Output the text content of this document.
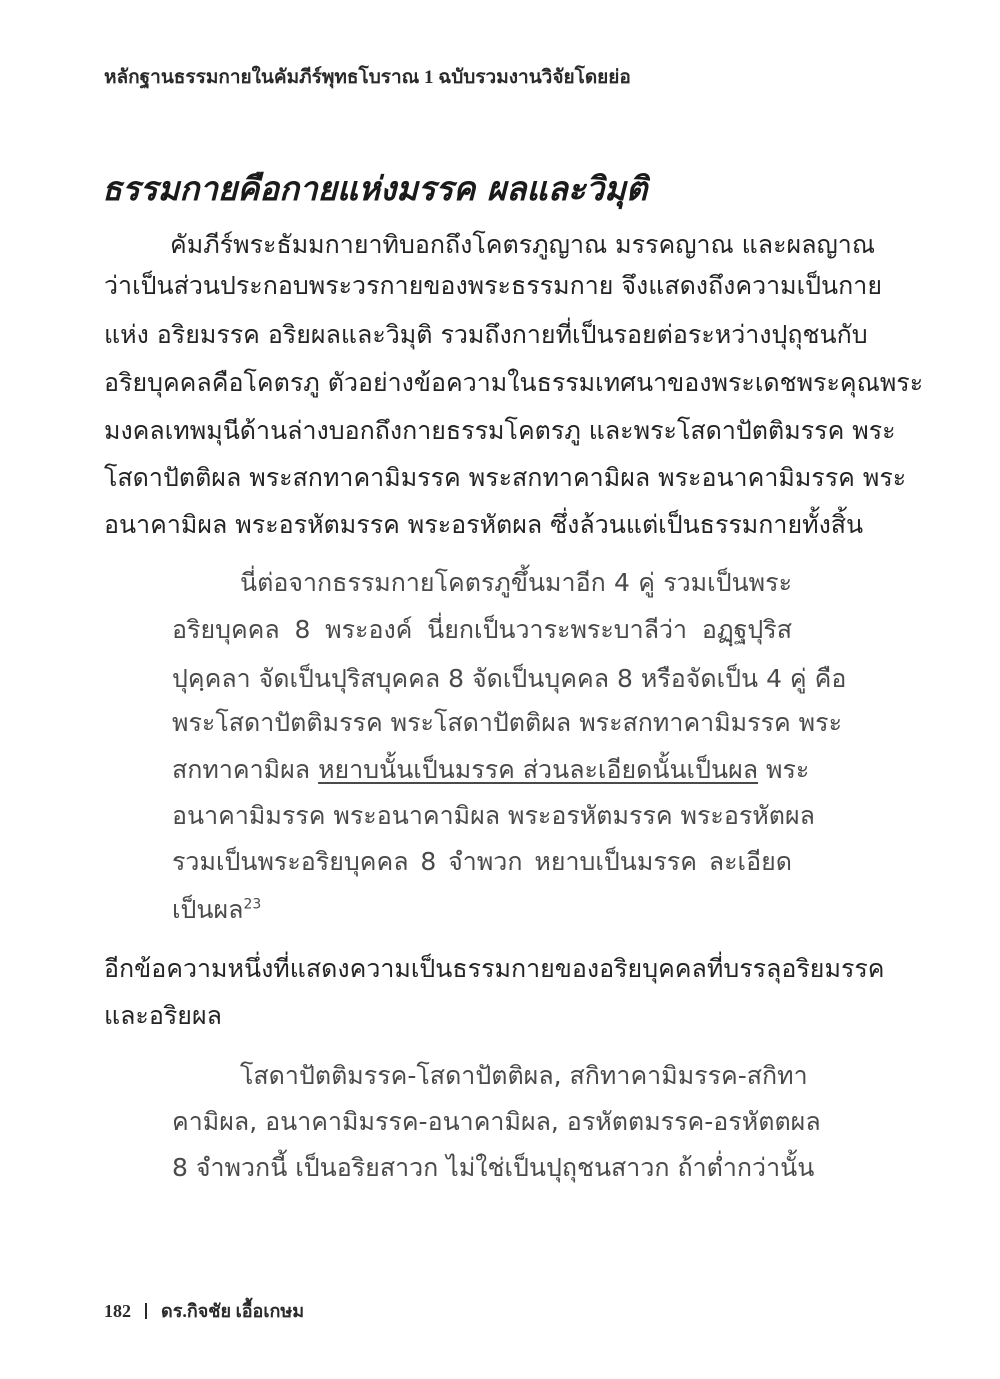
หลักฐานธรรมกายในคัมภีร์พุทธโบราณ 1 ฉบับรวมงานวิจัยโดยย่อ
ธรรมกายคือกายแห่งมรรค ผลและวิมุติ
คัมภีร์พระธัมมกายาทิบอกถึงโคตรภูญาณ มรรคญาณ และผลญาณ
ว่าเป็นส่วนประกอบพระวรกายของพระธรรมกาย จึงแสดงถึงความเป็นกาย
แห่ง อริยมรรค อริยผลและวิมุติ รวมถึงกายที่เป็นรอยต่อระหว่างปุถุชนกับ
อริยบุคคลคือโคตรภู ตัวอย่างข้อความในธรรมเทศนาของพระเดชพระคุณพระ
มงคลเทพมุนีด้านล่างบอกถึงกายธรรมโคตรภู และพระโสดาปัตติมรรค พระ
โสดาปัตติผล พระสกทาคามิมรรค พระสกทาคามิผล พระอนาคามิมรรค พระ
อนาคามิผล พระอรหัตมรรค พระอรหัตผล ซึ่งล้วนแต่เป็นธรรมกายทั้งสิ้น
นี่ต่อจากธรรมกายโคตรภูขึ้นมาอีก 4 คู่ รวมเป็นพระ
อริยบุคคล 8 พระองค์ นี่ยกเป็นวาระพระบาลีว่า อฏฺฐปุริส
ปุคฺคลา จัดเป็นปุริสบุคคล 8 จัดเป็นบุคคล 8 หรือจัดเป็น 4 คู่ คือ
พระโสดาปัตติมรรค พระโสดาปัตติผล พระสกทาคามิมรรค พระ
สกทาคามิผล หยาบนั้นเป็นมรรค ส่วนละเอียดนั้นเป็นผล พระ
อนาคามิมรรค พระอนาคามิผล พระอรหัตมรรค พระอรหัตผล
รวมเป็นพระอริยบุคคล 8 จำพวก หยาบเป็นมรรค ละเอียด
เป็นผล$^{23}$
อีกข้อความหนึ่งที่แสดงความเป็นธรรมกายของอริยบุคคลที่บรรลุอริยมรรค
และอริยผล
โสดาปัตติมรรค-โสดาปัตติผล, สกิทาคามิมรรค-สกิทา
คามิผล, อนาคามิมรรค-อนาคามิผล, อรหัตตมรรค-อรหัตตผล
8 จำพวกนี้ เป็นอริยสาวก ไม่ใช่เป็นปุถุชนสาวก ถ้าต่ำกว่านั้น
182 ดร.กิจชัย เอื้อเกษม
